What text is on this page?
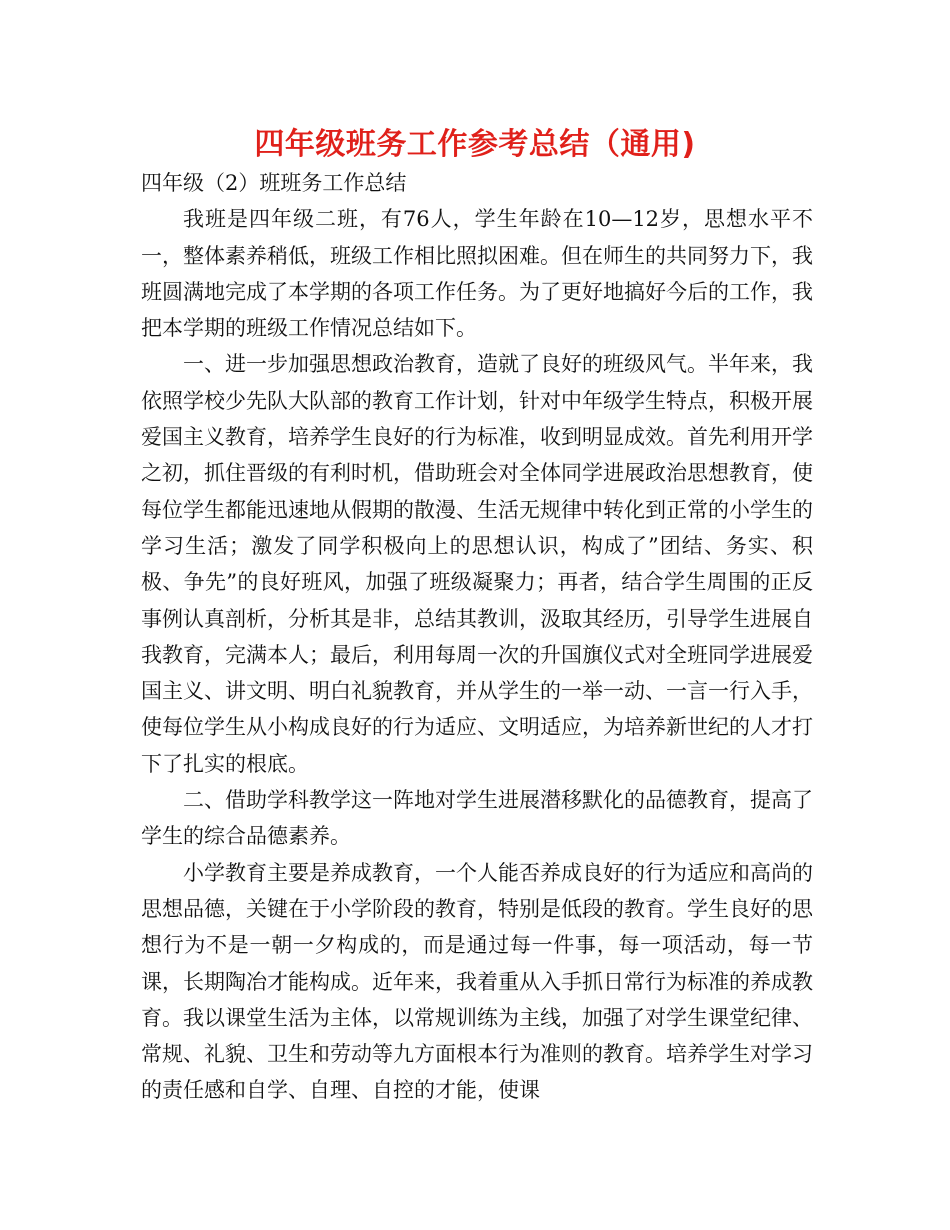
四年级班务工作参考总结（通用)

四年级（2）班班务工作总结

我班是四年级二班，有76人，学生年龄在10—12岁，思想水平不一，整体素养稍低，班级工作相比照拟困难。但在师生的共同努力下，我班圆满地完成了本学期的各项工作任务。为了更好地搞好今后的工作，我把本学期的班级工作情况总结如下。

一、进一步加强思想政治教育，造就了良好的班级风气。半年来，我依照学校少先队大队部的教育工作计划，针对中年级学生特点，积极开展爱国主义教育，培养学生良好的行为标准，收到明显成效。首先利用开学之初，抓住晋级的有利时机，借助班会对全体同学进展政治思想教育，使每位学生都能迅速地从假期的散漫、生活无规律中转化到正常的小学生的学习生活；激发了同学积极向上的思想认识，构成了”团结、务实、积极、争先”的良好班风，加强了班级凝聚力；再者，结合学生周围的正反事例认真剖析，分析其是非，总结其教训，汲取其经历，引导学生进展自我教育，完满本人；最后，利用每周一次的升国旗仪式对全班同学进展爱国主义、讲文明、明白礼貌教育，并从学生的一举一动、一言一行入手，使每位学生从小构成良好的行为适应、文明适应，为培养新世纪的人才打下了扎实的根底。

二、借助学科教学这一阵地对学生进展潜移默化的品德教育，提高了学生的综合品德素养。

小学教育主要是养成教育，一个人能否养成良好的行为适应和高尚的思想品德，关键在于小学阶段的教育，特别是低段的教育。学生良好的思想行为不是一朝一夕构成的，而是通过每一件事，每一项活动，每一节课，长期陶冶才能构成。近年来，我着重从入手抓日常行为标准的养成教育。我以课堂生活为主体，以常规训练为主线，加强了对学生课堂纪律、常规、礼貌、卫生和劳动等九方面根本行为准则的教育。培养学生对学习的责任感和自学、自理、自控的才能，使课
